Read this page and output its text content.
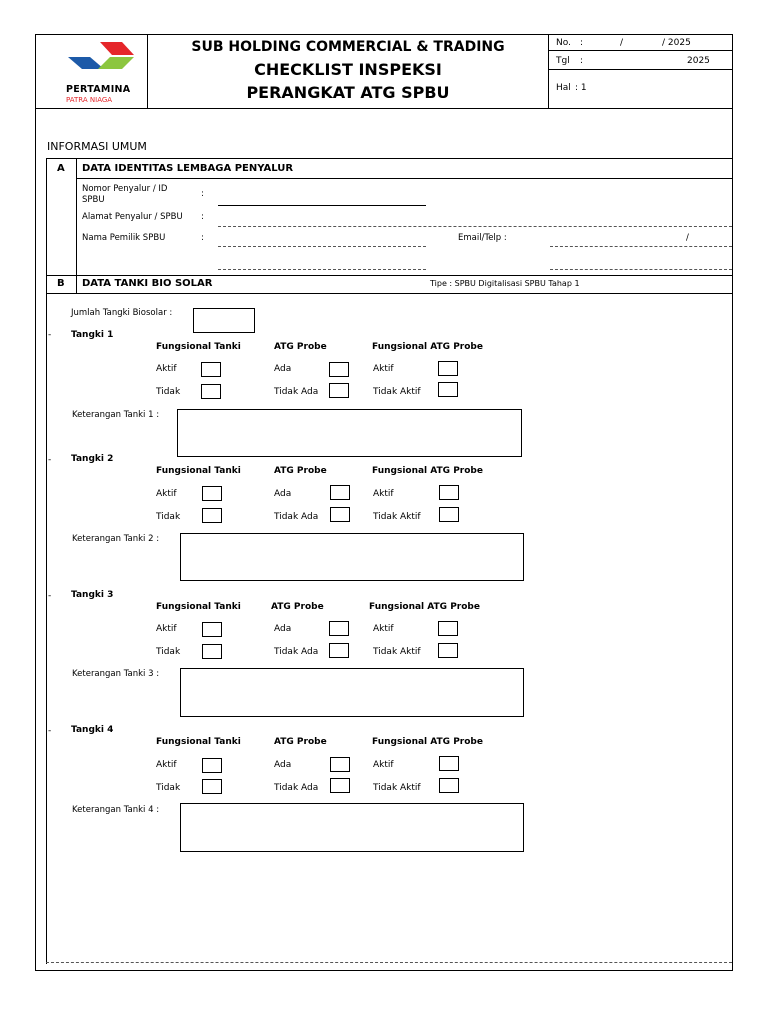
PERTAMINA
PATRA NIAGA
SUB HOLDING COMMERCIAL & TRADING
CHECKLIST INSPEKSI
PERANGKAT ATG SPBU
No. :	/	/ 2025
Tgl :	2025
Hal : 1
INFORMASI UMUM
A DATA IDENTITAS LEMBAGA PENYALUR
Nomor Penyalur / ID
SPBU
:
Alamat Penyalur / SPBU :
Nama Pemilik SPBU	:	Email/Telp :	/
B DATA TANKI BIO SOLAR	Tipe : SPBU Digitalisasi SPBU Tahap 1
Jumlah Tangki Biosolar :
- Tangki 1
Fungsional Tanki	ATG Probe	Fungsional ATG Probe
Aktif	Ada	Aktif
Tidak	Tidak Ada	Tidak Aktif
Keterangan Tanki 1 :
- Tangki 2
Fungsional Tanki	ATG Probe	Fungsional ATG Probe
Aktif	Ada	Aktif
Tidak	Tidak Ada	Tidak Aktif
Keterangan Tanki 2 :
- Tangki 3
Fungsional Tanki	ATG Probe	Fungsional ATG Probe
Aktif	Ada	Aktif
Tidak	Tidak Ada	Tidak Aktif
Keterangan Tanki 3 :
- Tangki 4
Fungsional Tanki	ATG Probe	Fungsional ATG Probe
Aktif	Ada	Aktif
Tidak	Tidak Ada	Tidak Aktif
Keterangan Tanki 4 :
